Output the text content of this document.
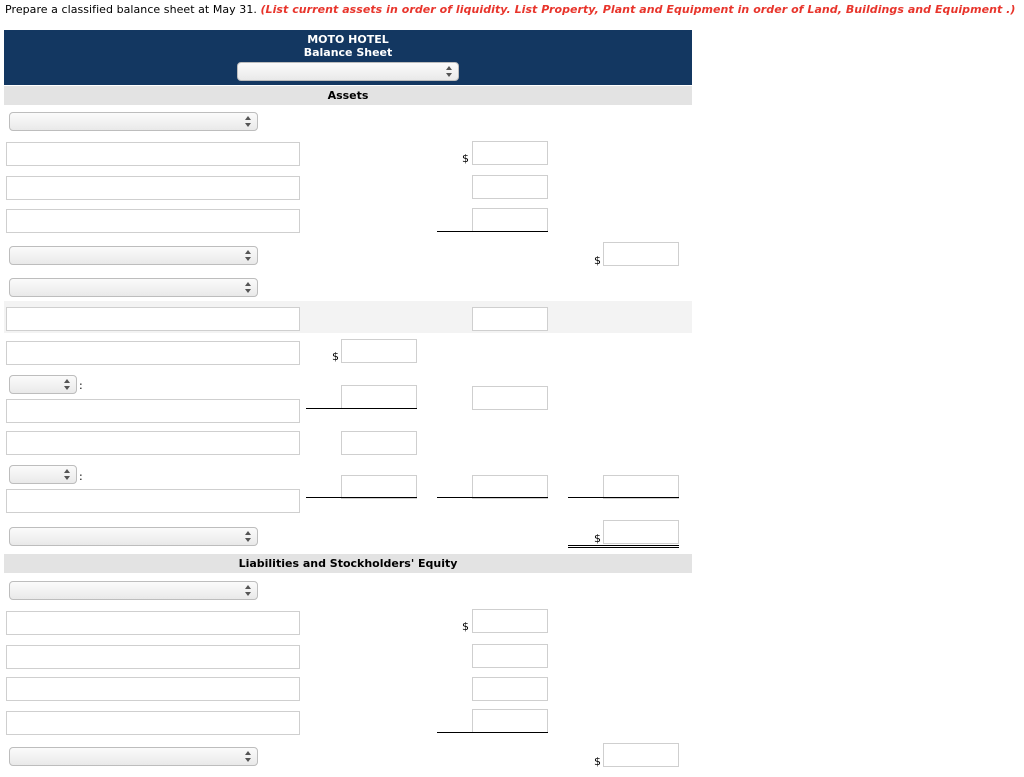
Prepare a classified balance sheet at May 31. (List current assets in order of liquidity. List Property, Plant and Equipment in order of Land, Buildings and Equipment .)
MOTO HOTEL
Balance Sheet
Assets
$
$
$
:
:
$
Liabilities and Stockholders' Equity
$
$
